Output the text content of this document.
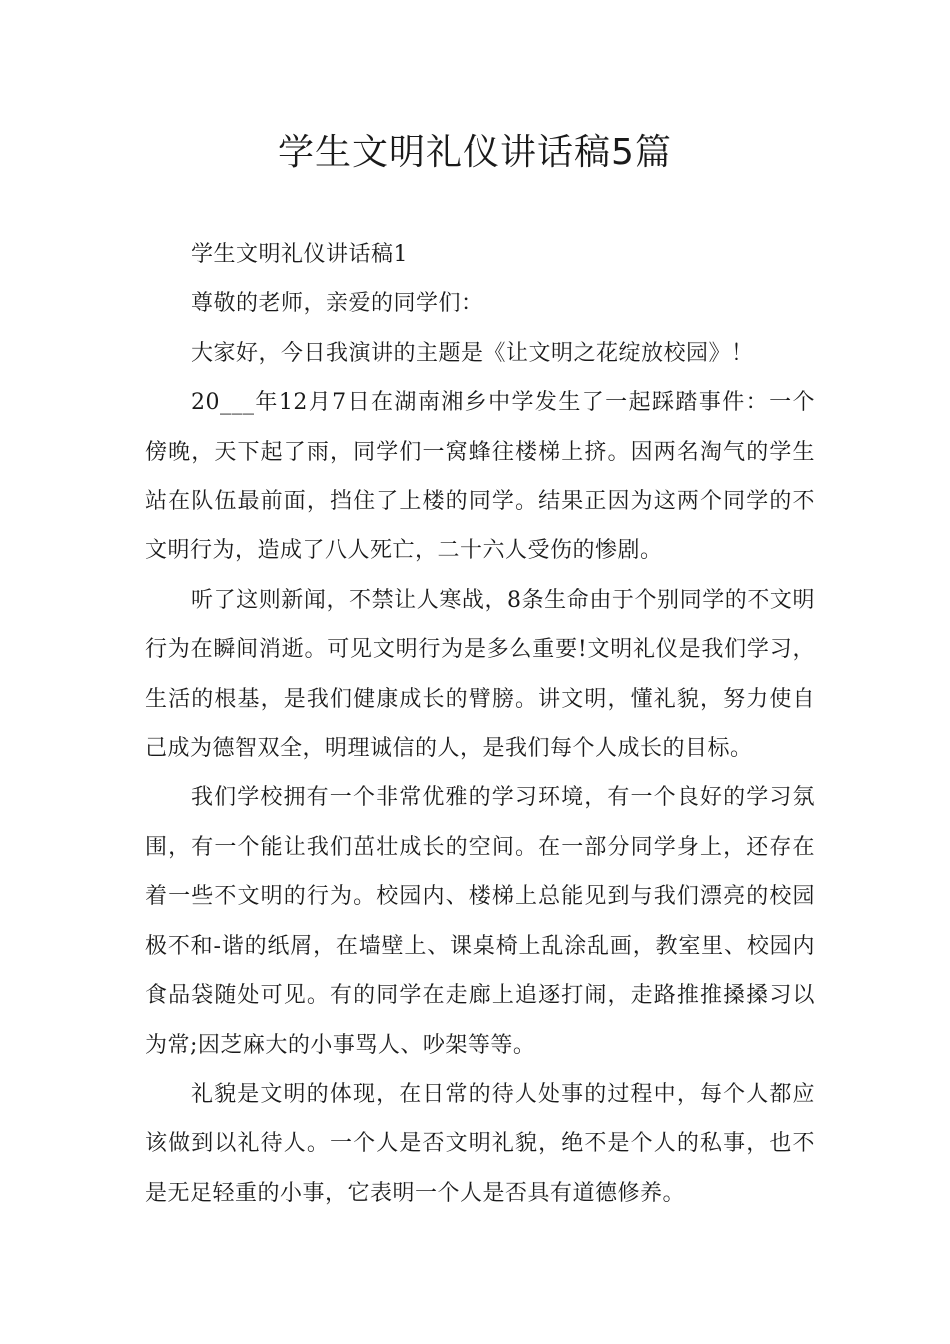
学生文明礼仪讲话稿5篇

学生文明礼仪讲话稿1

尊敬的老师，亲爱的同学们：

大家好，今日我演讲的主题是《让文明之花绽放校园》！

20___年12月7日在湖南湘乡中学发生了一起踩踏事件：一个傍晚，天下起了雨，同学们一窝蜂往楼梯上挤。因两名淘气的学生站在队伍最前面，挡住了上楼的同学。结果正因为这两个同学的不文明行为，造成了八人死亡，二十六人受伤的惨剧。

听了这则新闻，不禁让人寒战，8条生命由于个别同学的不文明行为在瞬间消逝。可见文明行为是多么重要!文明礼仪是我们学习，生活的根基，是我们健康成长的臂膀。讲文明，懂礼貌，努力使自己成为德智双全，明理诚信的人，是我们每个人成长的目标。

我们学校拥有一个非常优雅的学习环境，有一个良好的学习氛围，有一个能让我们茁壮成长的空间。在一部分同学身上，还存在着一些不文明的行为。校园内、楼梯上总能见到与我们漂亮的校园极不和-谐的纸屑，在墙壁上、课桌椅上乱涂乱画，教室里、校园内食品袋随处可见。有的同学在走廊上追逐打闹，走路推推搡搡习以为常;因芝麻大的小事骂人、吵架等等。

礼貌是文明的体现，在日常的待人处事的过程中，每个人都应该做到以礼待人。一个人是否文明礼貌，绝不是个人的私事，也不是无足轻重的小事，它表明一个人是否具有道德修养。
